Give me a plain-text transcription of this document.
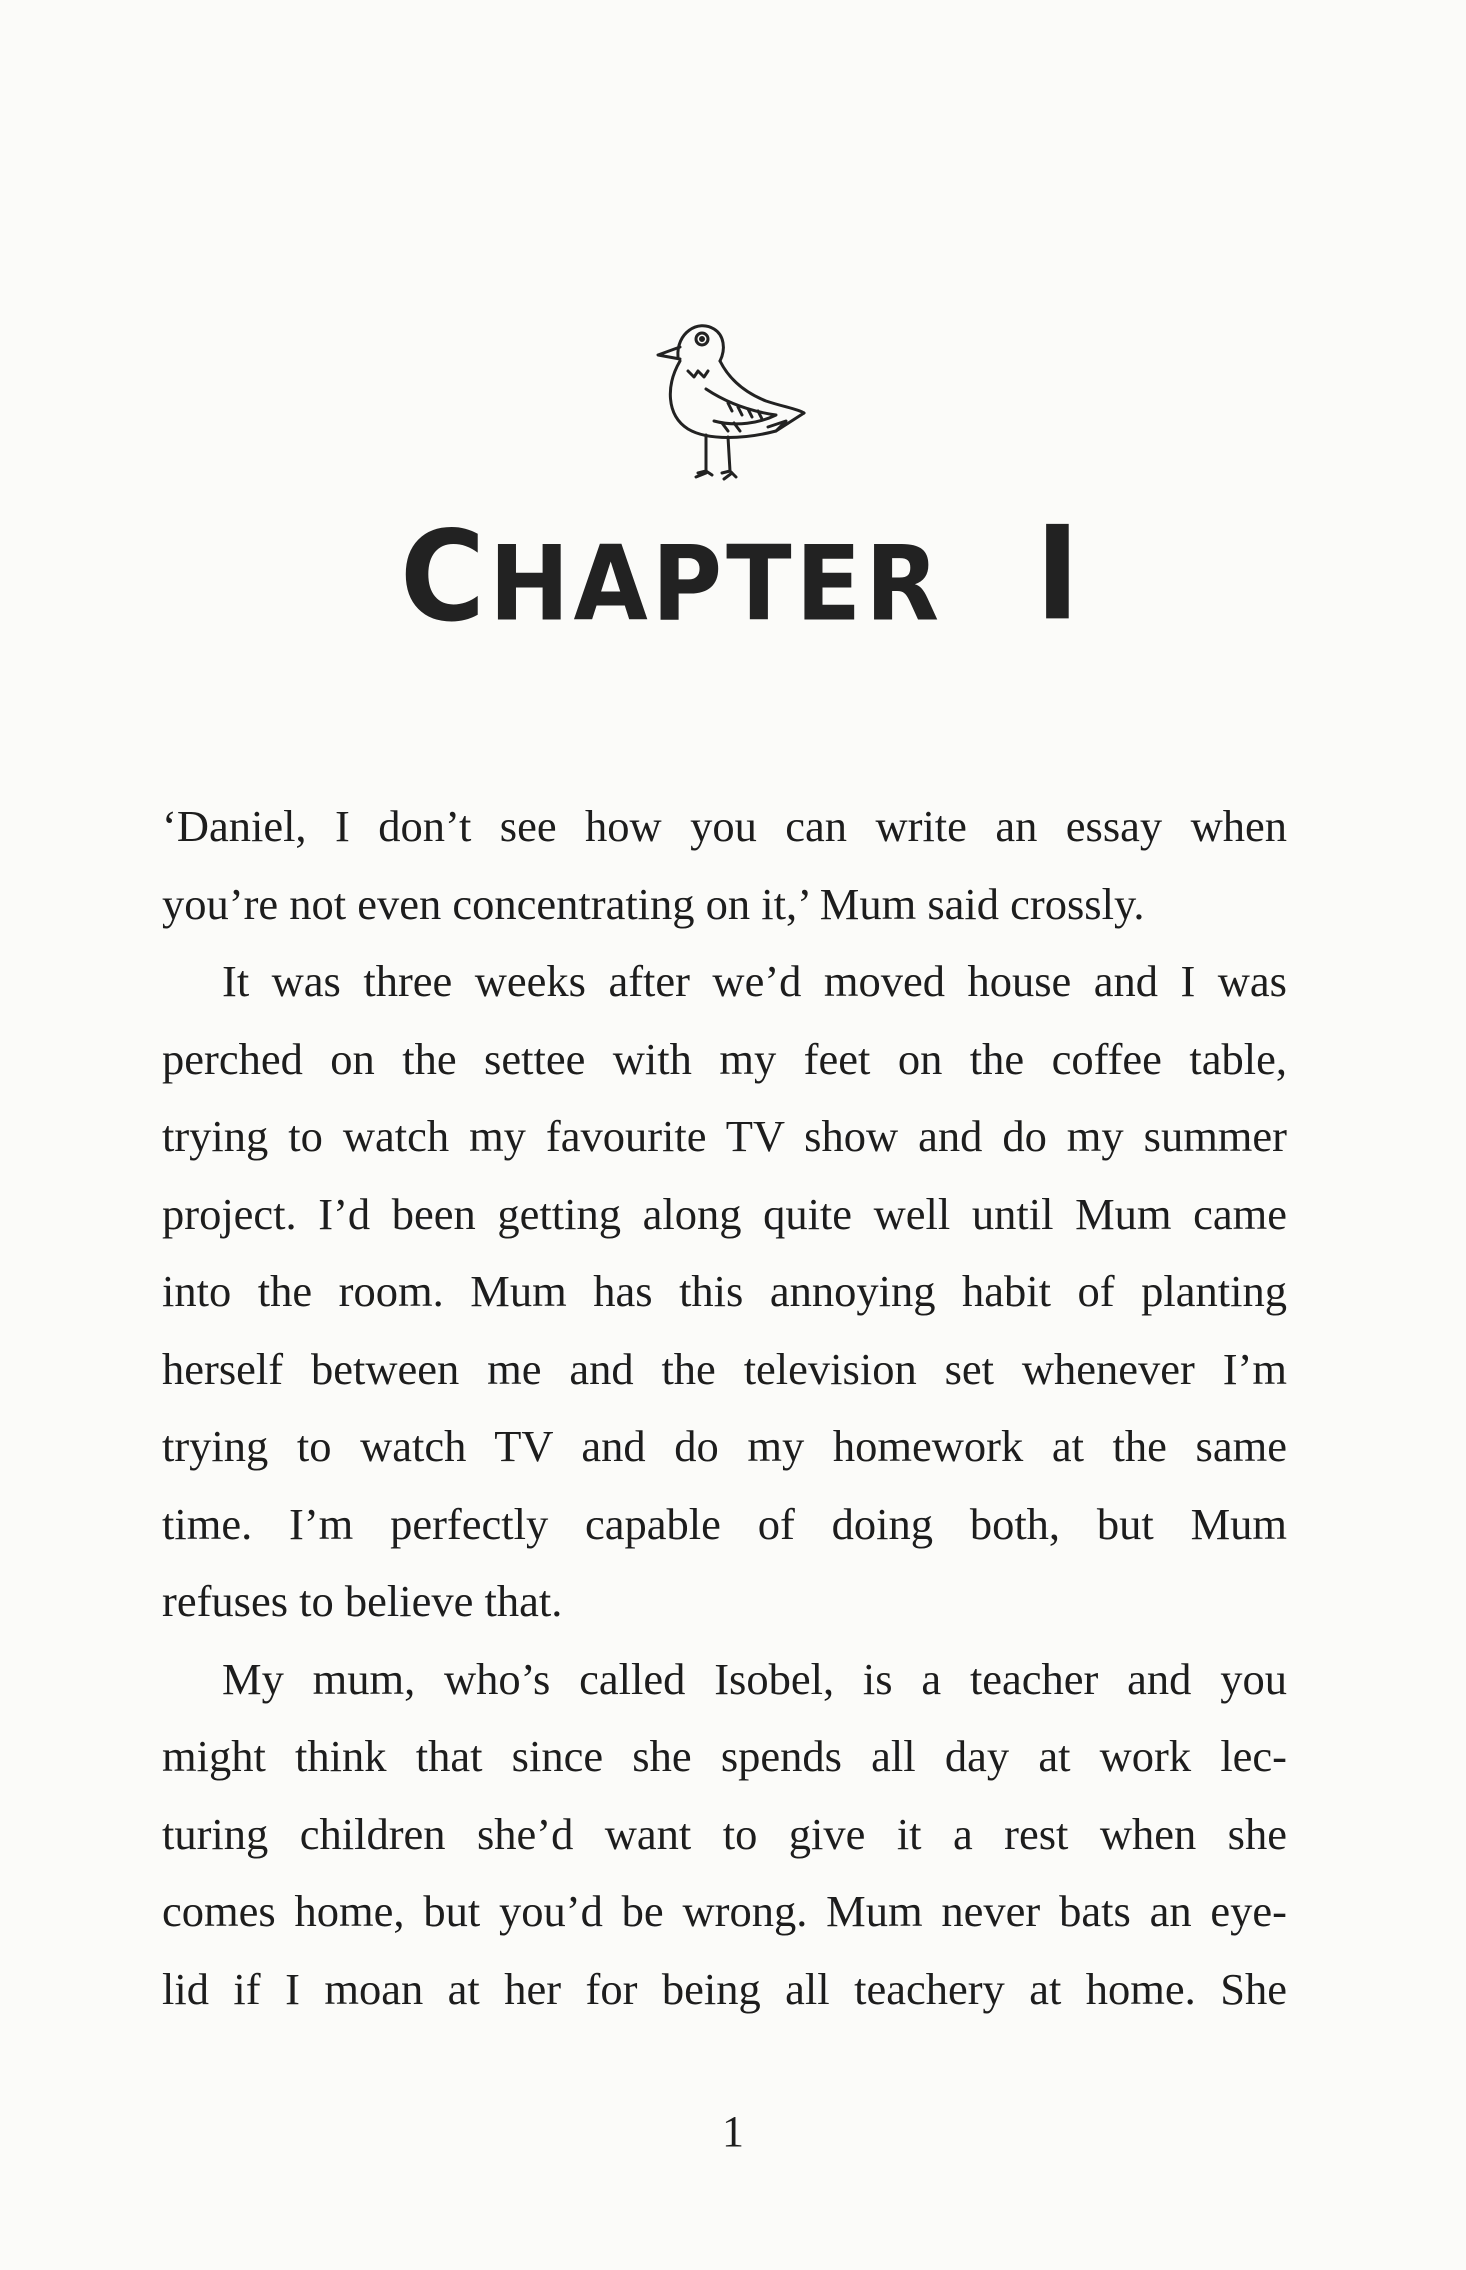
CHAPTER I
‘Daniel, I don’t see how you can write an essay when
you’re not even concentrating on it,’ Mum said crossly.
It was three weeks after we’d moved house and I was
perched on the settee with my feet on the coffee table,
trying to watch my favourite TV show and do my summer
project. I’d been getting along quite well until Mum came
into the room. Mum has this annoying habit of planting
herself between me and the television set whenever I’m
trying to watch TV and do my homework at the same
time. I’m perfectly capable of doing both, but Mum
refuses to believe that.
My mum, who’s called Isobel, is a teacher and you
might think that since she spends all day at work lec-
turing children she’d want to give it a rest when she
comes home, but you’d be wrong. Mum never bats an eye-
lid if I moan at her for being all teachery at home. She
1
